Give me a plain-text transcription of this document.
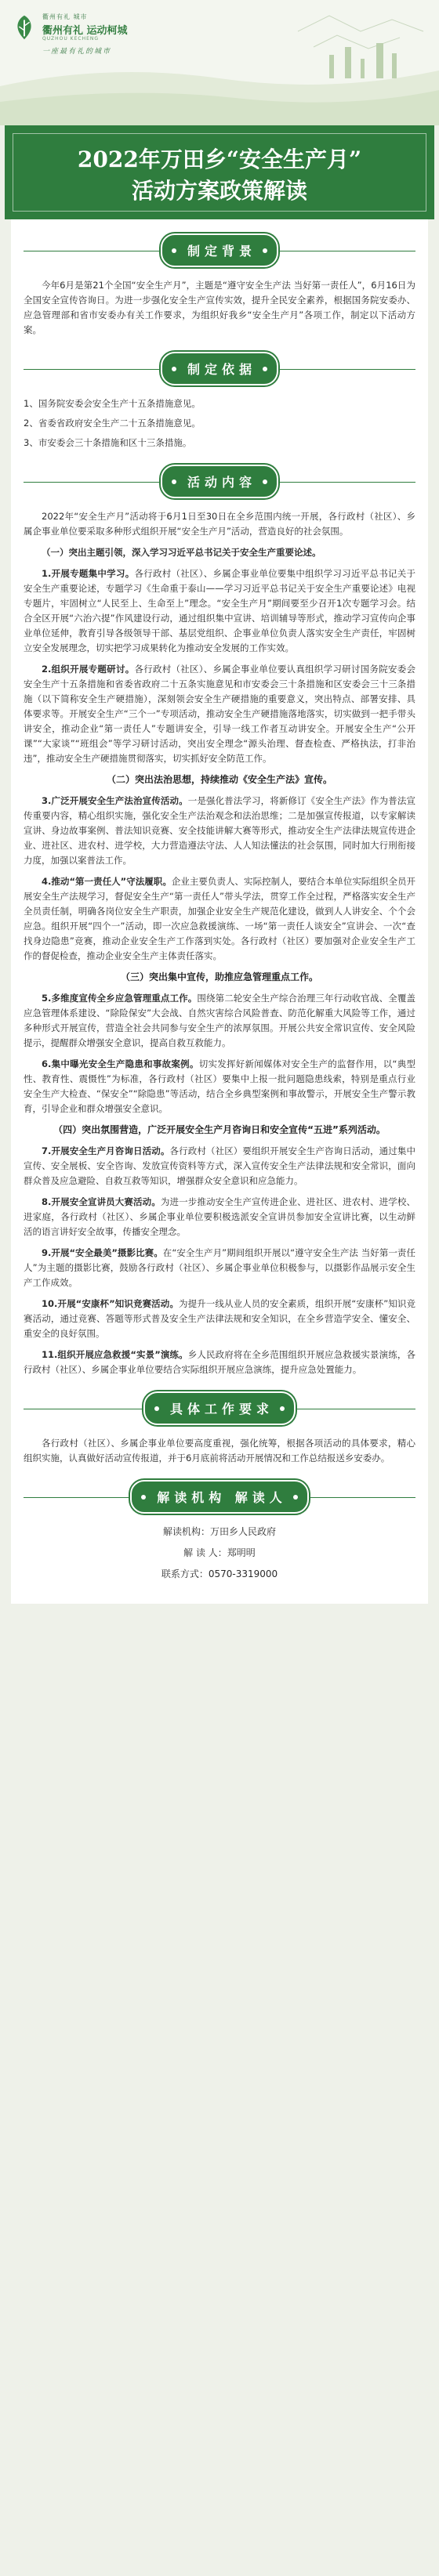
衢州有礼 城市
衢州有礼 运动柯城
QUZHOU KECHENG
一座最有礼的城市
2022年万田乡“安全生产月”
活动方案政策解读
制定背景

今年6月是第21个全国“安全生产月”，主题是“遵守安全生产法 当好第一责任人”，6月16日为全国安全宣传咨询日。为进一步强化安全生产宣传实效，提升全民安全素养，根据国务院安委办、应急管理部和省市安委办有关工作要求，为组织好我乡“安全生产月”各项工作，制定以下活动方案。

制定依据

1、国务院安委会安全生产十五条措施意见。

2、省委省政府安全生产二十五条措施意见。

3、市安委会三十条措施和区十三条措施。

活动内容

2022年“安全生产月”活动将于6月1日至30日在全乡范围内统一开展，各行政村（社区）、乡属企事业单位要采取多种形式组织开展“安全生产月”活动，营造良好的社会氛围。

（一）突出主题引领，深入学习习近平总书记关于安全生产重要论述。

1.开展专题集中学习。各行政村（社区）、乡属企事业单位要集中组织学习习近平总书记关于安全生产重要论述，专题学习《生命重于泰山——学习习近平总书记关于安全生产重要论述》电视专题片，牢固树立“人民至上、生命至上”理念。“安全生产月”期间要至少召开1次专题学习会。结合全区开展“六治六提”作风建设行动，通过组织集中宣讲、培训辅导等形式，推动学习宣传向企事业单位延伸，教育引导各级领导干部、基层党组织、企事业单位负责人落实安全生产责任，牢固树立安全发展理念，切实把学习成果转化为推动安全发展的工作实效。

2.组织开展专题研讨。各行政村（社区）、乡属企事业单位要认真组织学习研讨国务院安委会安全生产十五条措施和省委省政府二十五条实施意见和市安委会三十条措施和区安委会三十三条措施（以下简称安全生产硬措施），深刻领会安全生产硬措施的重要意义，突出特点、部署安排、具体要求等。开展安全生产“三个一”专项活动，推动安全生产硬措施落地落实，切实做到一把手带头讲安全，推动企业“第一责任人”专题讲安全，引导一线工作者互动讲安全。开展安全生产“公开课”“大家谈”“班组会”等学习研讨活动，突出安全理念“源头治理、督查检查、严格执法，打非治违”，推动安全生产硬措施贯彻落实，切实抓好安全防范工作。

（二）突出法治思想，持续推动《安全生产法》宣传。

3.广泛开展安全生产法治宣传活动。一是强化普法学习，将新修订《安全生产法》作为普法宣传重要内容，精心组织实施，强化安全生产法治观念和法治思维；二是加强宣传报道，以专家解读宣讲、身边故事案例、普法知识竞赛、安全技能讲解大赛等形式，推动安全生产法律法规宣传进企业、进社区、进农村、进学校，大力营造遵法守法、人人知法懂法的社会氛围，同时加大行刑衔接力度，加强以案普法工作。

4.推动“第一责任人”守法履职。企业主要负责人、实际控制人，要结合本单位实际组织全员开展安全生产法规学习，督促安全生产“第一责任人”带头学法，贯穿工作全过程，严格落实安全生产全员责任制，明确各岗位安全生产职责，加强企业安全生产规范化建设，做到人人讲安全、个个会应急。组织开展“四个一”活动，即一次应急救援演练、一场“第一责任人谈安全”宣讲会、一次“查找身边隐患”竞赛，推动企业安全生产工作落到实处。各行政村（社区）要加强对企业安全生产工作的督促检查，推动企业安全生产主体责任落实。

（三）突出集中宣传，助推应急管理重点工作。

5.多维度宣传全乡应急管理重点工作。围绕第二轮安全生产综合治理三年行动收官战、全覆盖应急管理体系建设、“除险保安”大会战、自然灾害综合风险普查、防范化解重大风险等工作，通过多种形式开展宣传，营造全社会共同参与安全生产的浓厚氛围。开展公共安全常识宣传、安全风险提示，提醒群众增强安全意识，提高自救互救能力。

6.集中曝光安全生产隐患和事故案例。切实发挥好新闻媒体对安全生产的监督作用，以“典型性、教育性、震慑性”为标准，各行政村（社区）要集中上报一批问题隐患线索，特别是重点行业安全生产大检查、“保安全”“除隐患”等活动，结合全乡典型案例和事故警示，开展安全生产警示教育，引导企业和群众增强安全意识。

（四）突出氛围营造，广泛开展安全生产月咨询日和安全宣传“五进”系列活动。

7.开展安全生产月咨询日活动。各行政村（社区）要组织开展安全生产咨询日活动，通过集中宣传、安全展板、安全咨询、发放宣传资料等方式，深入宣传安全生产法律法规和安全常识，面向群众普及应急避险、自救互救等知识，增强群众安全意识和应急能力。

8.开展安全宣讲员大赛活动。为进一步推动安全生产宣传进企业、进社区、进农村、进学校、进家庭，各行政村（社区）、乡属企事业单位要积极选派安全宣讲员参加安全宣讲比赛，以生动鲜活的语言讲好安全故事，传播安全理念。

9.开展“安全最美”摄影比赛。在“安全生产月”期间组织开展以“遵守安全生产法 当好第一责任人”为主题的摄影比赛，鼓励各行政村（社区）、乡属企事业单位积极参与，以摄影作品展示安全生产工作成效。

10.开展“安康杯”知识竞赛活动。为提升一线从业人员的安全素质，组织开展“安康杯”知识竞赛活动，通过竞赛、答题等形式普及安全生产法律法规和安全知识，在全乡营造学安全、懂安全、重安全的良好氛围。

11.组织开展应急救援“实景”演练。乡人民政府将在全乡范围组织开展应急救援实景演练，各行政村（社区）、乡属企事业单位要结合实际组织开展应急演练，提升应急处置能力。

具体工作要求

各行政村（社区）、乡属企事业单位要高度重视，强化统筹，根据各项活动的具体要求，精心组织实施，认真做好活动宣传报道，并于6月底前将活动开展情况和工作总结报送乡安委办。

解读机构 解读人

解读机构：万田乡人民政府

解 读 人：郑明明

联系方式：0570-3319000
